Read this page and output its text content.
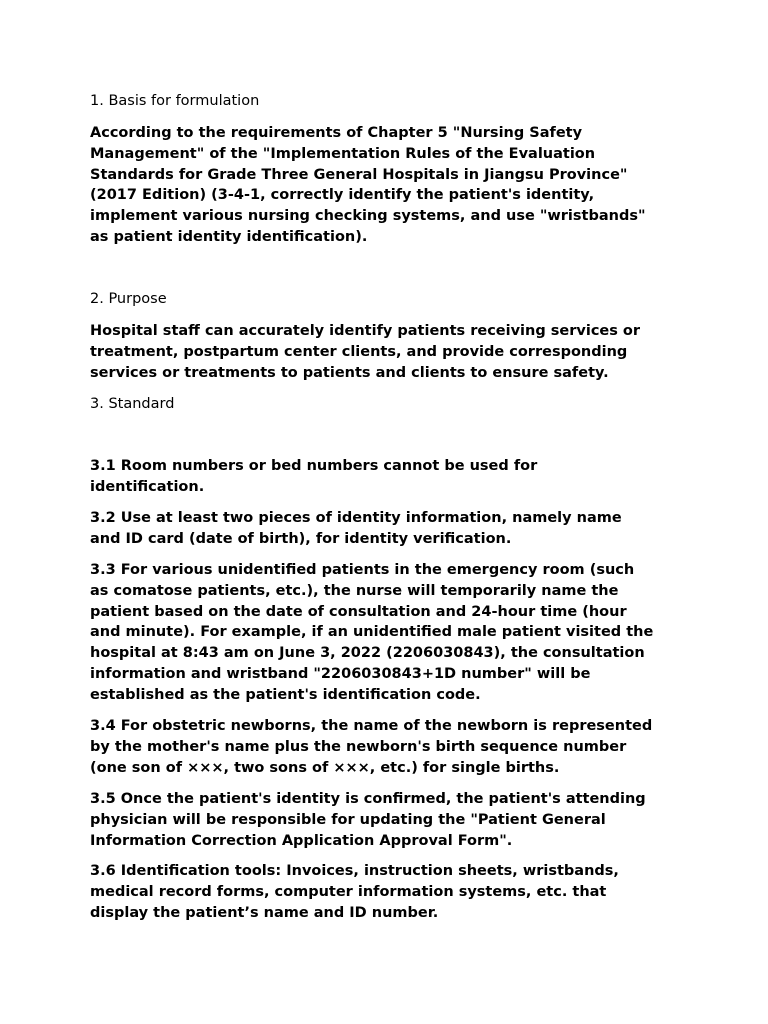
1. Basis for formulation

According to the requirements of Chapter 5 "Nursing Safety
Management" of the "Implementation Rules of the Evaluation
Standards for Grade Three General Hospitals in Jiangsu Province"
(2017 Edition) (3-4-1, correctly identify the patient's identity,
implement various nursing checking systems, and use "wristbands"
as patient identity identification).

2. Purpose

Hospital staff can accurately identify patients receiving services or
treatment, postpartum center clients, and provide corresponding
services or treatments to patients and clients to ensure safety.

3. Standard

3.1 Room numbers or bed numbers cannot be used for
identification.

3.2 Use at least two pieces of identity information, namely name
and ID card (date of birth), for identity verification.

3.3 For various unidentified patients in the emergency room (such
as comatose patients, etc.), the nurse will temporarily name the
patient based on the date of consultation and 24-hour time (hour
and minute). For example, if an unidentified male patient visited the
hospital at 8:43 am on June 3, 2022 (2206030843), the consultation
information and wristband "2206030843+1D number" will be
established as the patient's identification code.

3.4 For obstetric newborns, the name of the newborn is represented
by the mother's name plus the newborn's birth sequence number
(one son of ×××, two sons of ×××, etc.) for single births.

3.5 Once the patient's identity is confirmed, the patient's attending
physician will be responsible for updating the "Patient General
Information Correction Application Approval Form".

3.6 Identification tools: Invoices, instruction sheets, wristbands,
medical record forms, computer information systems, etc. that
display the patient’s name and ID number.
